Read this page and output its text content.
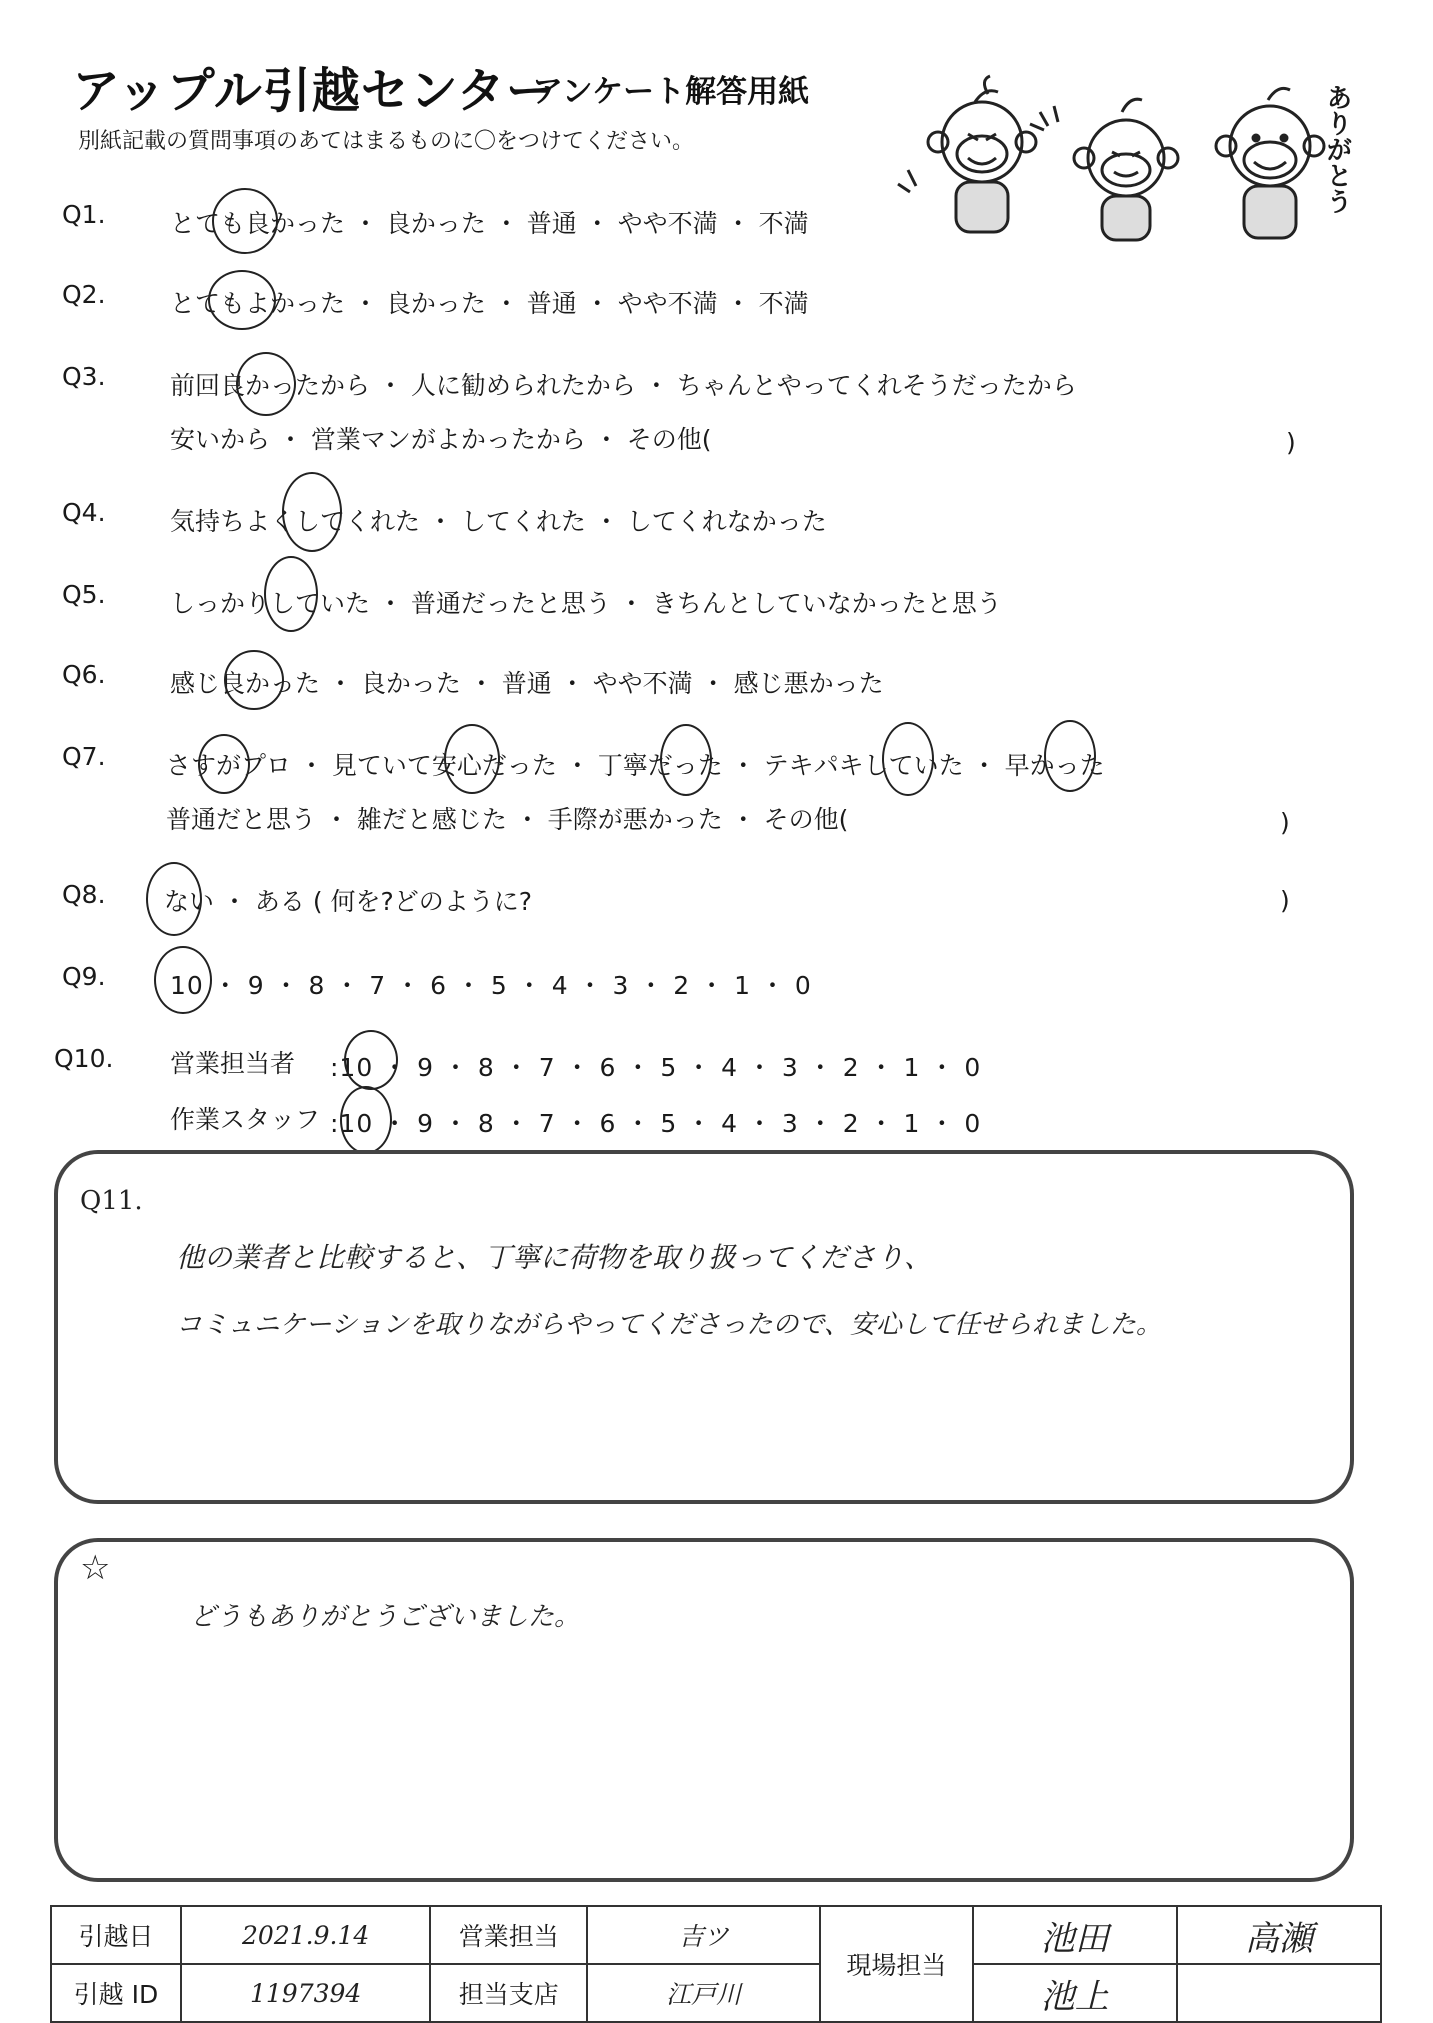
アップル引越センター
アンケート解答用紙
別紙記載の質問事項のあてはまるものに〇をつけてください。	ありがとう
Q1.	とても良かった ・ 良かった ・ 普通 ・ やや不満 ・ 不満
Q2.	とてもよかった ・ 良かった ・ 普通 ・ やや不満 ・ 不満
Q3.	前回良かったから ・ 人に勧められたから ・ ちゃんとやってくれそうだったから
安いから ・ 営業マンがよかったから ・ その他(	)
Q4.	気持ちよくしてくれた ・ してくれた ・ してくれなかった
Q5.	しっかりしていた ・ 普通だったと思う ・ きちんとしていなかったと思う
Q6.	感じ良かった ・ 良かった ・ 普通 ・ やや不満 ・ 感じ悪かった
Q7. さすがプロ ・ 見ていて安心だった ・ 丁寧だった ・ テキパキしていた ・ 早かった
普通だと思う ・ 雑だと感じた ・ 手際が悪かった ・ その他(	)
Q8. ない ・ ある ( 何を?どのように?	)
Q9.	10 ・ 9 ・ 8 ・ 7 ・ 6 ・ 5 ・ 4 ・ 3 ・ 2 ・ 1 ・ 0
Q10. 営業担当者 :10 ・ 9 ・ 8 ・ 7 ・ 6 ・ 5 ・ 4 ・ 3 ・ 2 ・ 1 ・ 0
作業スタッフ :10 ・ 9 ・ 8 ・ 7 ・ 6 ・ 5 ・ 4 ・ 3 ・ 2 ・ 1 ・ 0
Q11.
他の業者と比較すると、丁寧に荷物を取り扱ってくださり、
コミュニケーションを取りながらやってくださったので、安心して任せられました。
☆
どうもありがとうございました。
引越日	2021.9.14	営業担当	吉ツ	現場担当	池田	高瀬
引越 ID	1197394	担当支店	江戸川		池上	
